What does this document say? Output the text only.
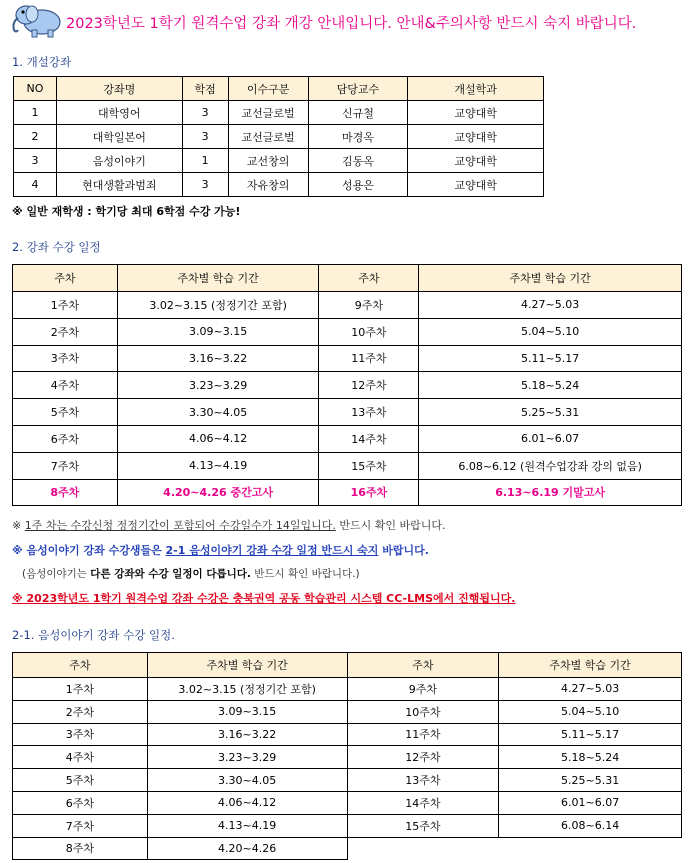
2023학년도 1학기 원격수업 강좌 개강 안내입니다. 안내&주의사항 반드시 숙지 바랍니다.
1. 개설강좌
NO	강좌명	학점	이수구분	담당교수	개설학과
1	대학영어	3	교선글로벌	신규철	교양대학
2	대학일본어	3	교선글로벌	마경옥	교양대학
3	음성이야기	1	교선창의	김동옥	교양대학
4	현대생활과범죄	3	자유창의	성용은	교양대학
※ 일반 재학생 : 학기당 최대 6학점 수강 가능!
2. 강좌 수강 일정
주차	주차별 학습 기간	주차	주차별 학습 기간
1주차	3.02~3.15 (정정기간 포함)	9주차	4.27~5.03
2주차	3.09~3.15	10주차	5.04~5.10
3주차	3.16~3.22	11주차	5.11~5.17
4주차	3.23~3.29	12주차	5.18~5.24
5주차	3.30~4.05	13주차	5.25~5.31
6주차	4.06~4.12	14주차	6.01~6.07
7주차	4.13~4.19	15주차	6.08~6.12 (원격수업강좌 강의 없음)
8주차	4.20~4.26 중간고사	16주차	6.13~6.19 기말고사
※ 1주 차는 수강신청 정정기간이 포함되어 수강일수가 14일입니다. 반드시 확인 바랍니다.
※ 음성이야기 강좌 수강생들은 2-1 음성이야기 강좌 수강 일정 반드시 숙지 바랍니다.
(음성이야기는 다른 강좌와 수강 일정이 다릅니다. 반드시 확인 바랍니다.)
※ 2023학년도 1학기 원격수업 강좌 수강은 충북권역 공동 학습관리 시스템 CC-LMS에서 진행됩니다.
2-1. 음성이야기 강좌 수강 일정.
주차	주차별 학습 기간	주차	주차별 학습 기간
1주차	3.02~3.15 (정정기간 포함)	9주차	4.27~5.03
2주차	3.09~3.15	10주차	5.04~5.10
3주차	3.16~3.22	11주차	5.11~5.17
4주차	3.23~3.29	12주차	5.18~5.24
5주차	3.30~4.05	13주차	5.25~5.31
6주차	4.06~4.12	14주차	6.01~6.07
7주차	4.13~4.19	15주차	6.08~6.14
8주차	4.20~4.26		
